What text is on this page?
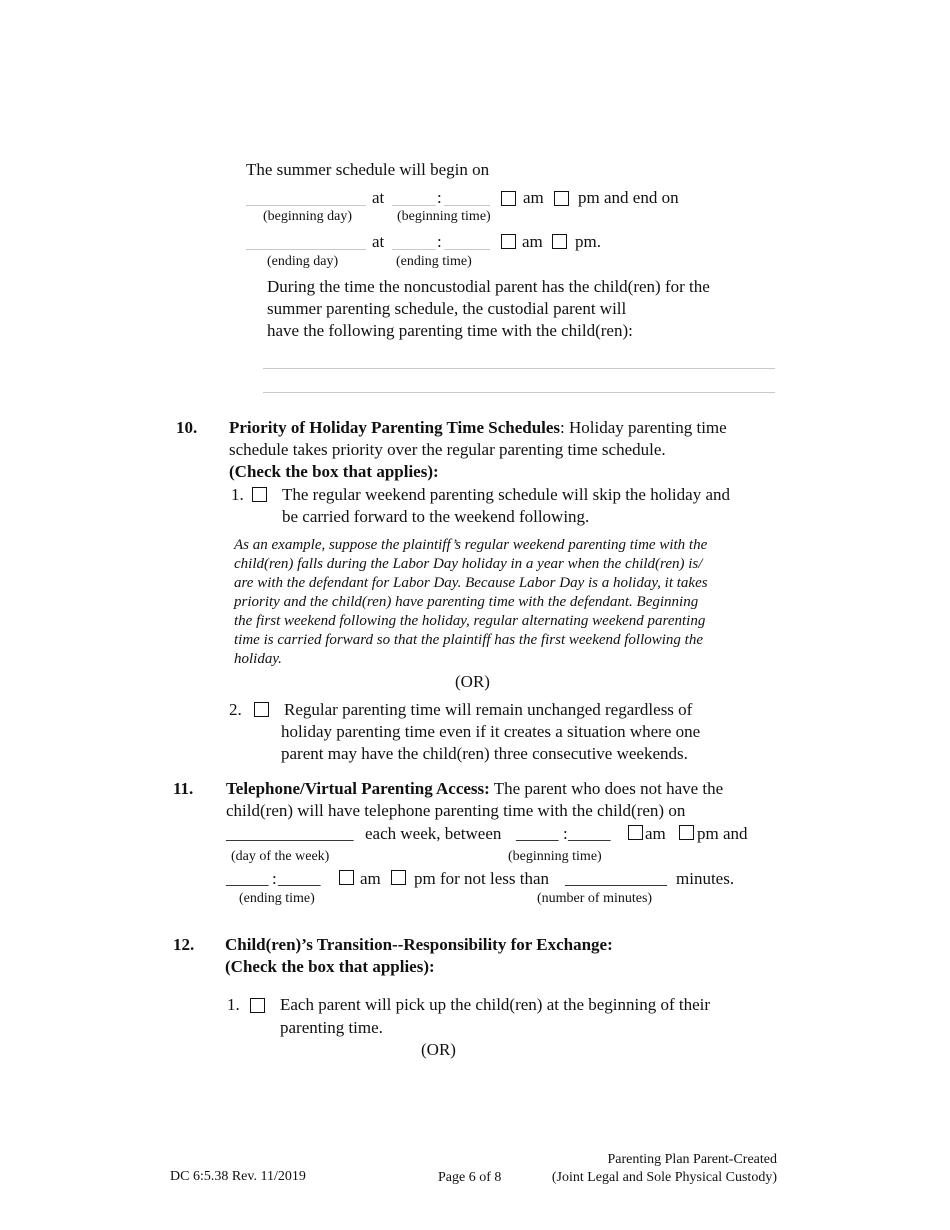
The summer schedule will begin on
at	:	am pm and end on
(beginning day)	(beginning time)
at	:	am pm.
(ending day)	(ending time)
During the time the noncustodial parent has the child(ren) for the
summer parenting schedule, the custodial parent will
have the following parenting time with the child(ren):
10. Priority of Holiday Parenting Time Schedules: Holiday parenting time
schedule takes priority over the regular parenting time schedule.
(Check the box that applies):
1. The regular weekend parenting schedule will skip the holiday and
be carried forward to the weekend following.
As an example, suppose the plaintiff’s regular weekend parenting time with the
child(ren) falls during the Labor Day holiday in a year when the child(ren) is/
are with the defendant for Labor Day. Because Labor Day is a holiday, it takes
priority and the child(ren) have parenting time with the defendant. Beginning
the first weekend following the holiday, regular alternating weekend parenting
time is carried forward so that the plaintiff has the first weekend following the
holiday.
(OR)
2. Regular parenting time will remain unchanged regardless of
holiday parenting time even if it creates a situation where one
parent may have the child(ren) three consecutive weekends.
11. Telephone/Virtual Parenting Access: The parent who does not have the
child(ren) will have telephone parenting time with the child(ren) on
_______________ each week, between _____ : _____ am pm and
(day of the week)	(beginning time)
_____ : _____ am pm for not less than ____________ minutes.
(ending time)	(number of minutes)
12. Child(ren)’s Transition--Responsibility for Exchange:
(Check the box that applies):
1. Each parent will pick up the child(ren) at the beginning of their
parenting time.
(OR)
DC 6:5.38 Rev. 11/2019	Page 6 of 8
Parenting Plan Parent-Created
(Joint Legal and Sole Physical Custody)
